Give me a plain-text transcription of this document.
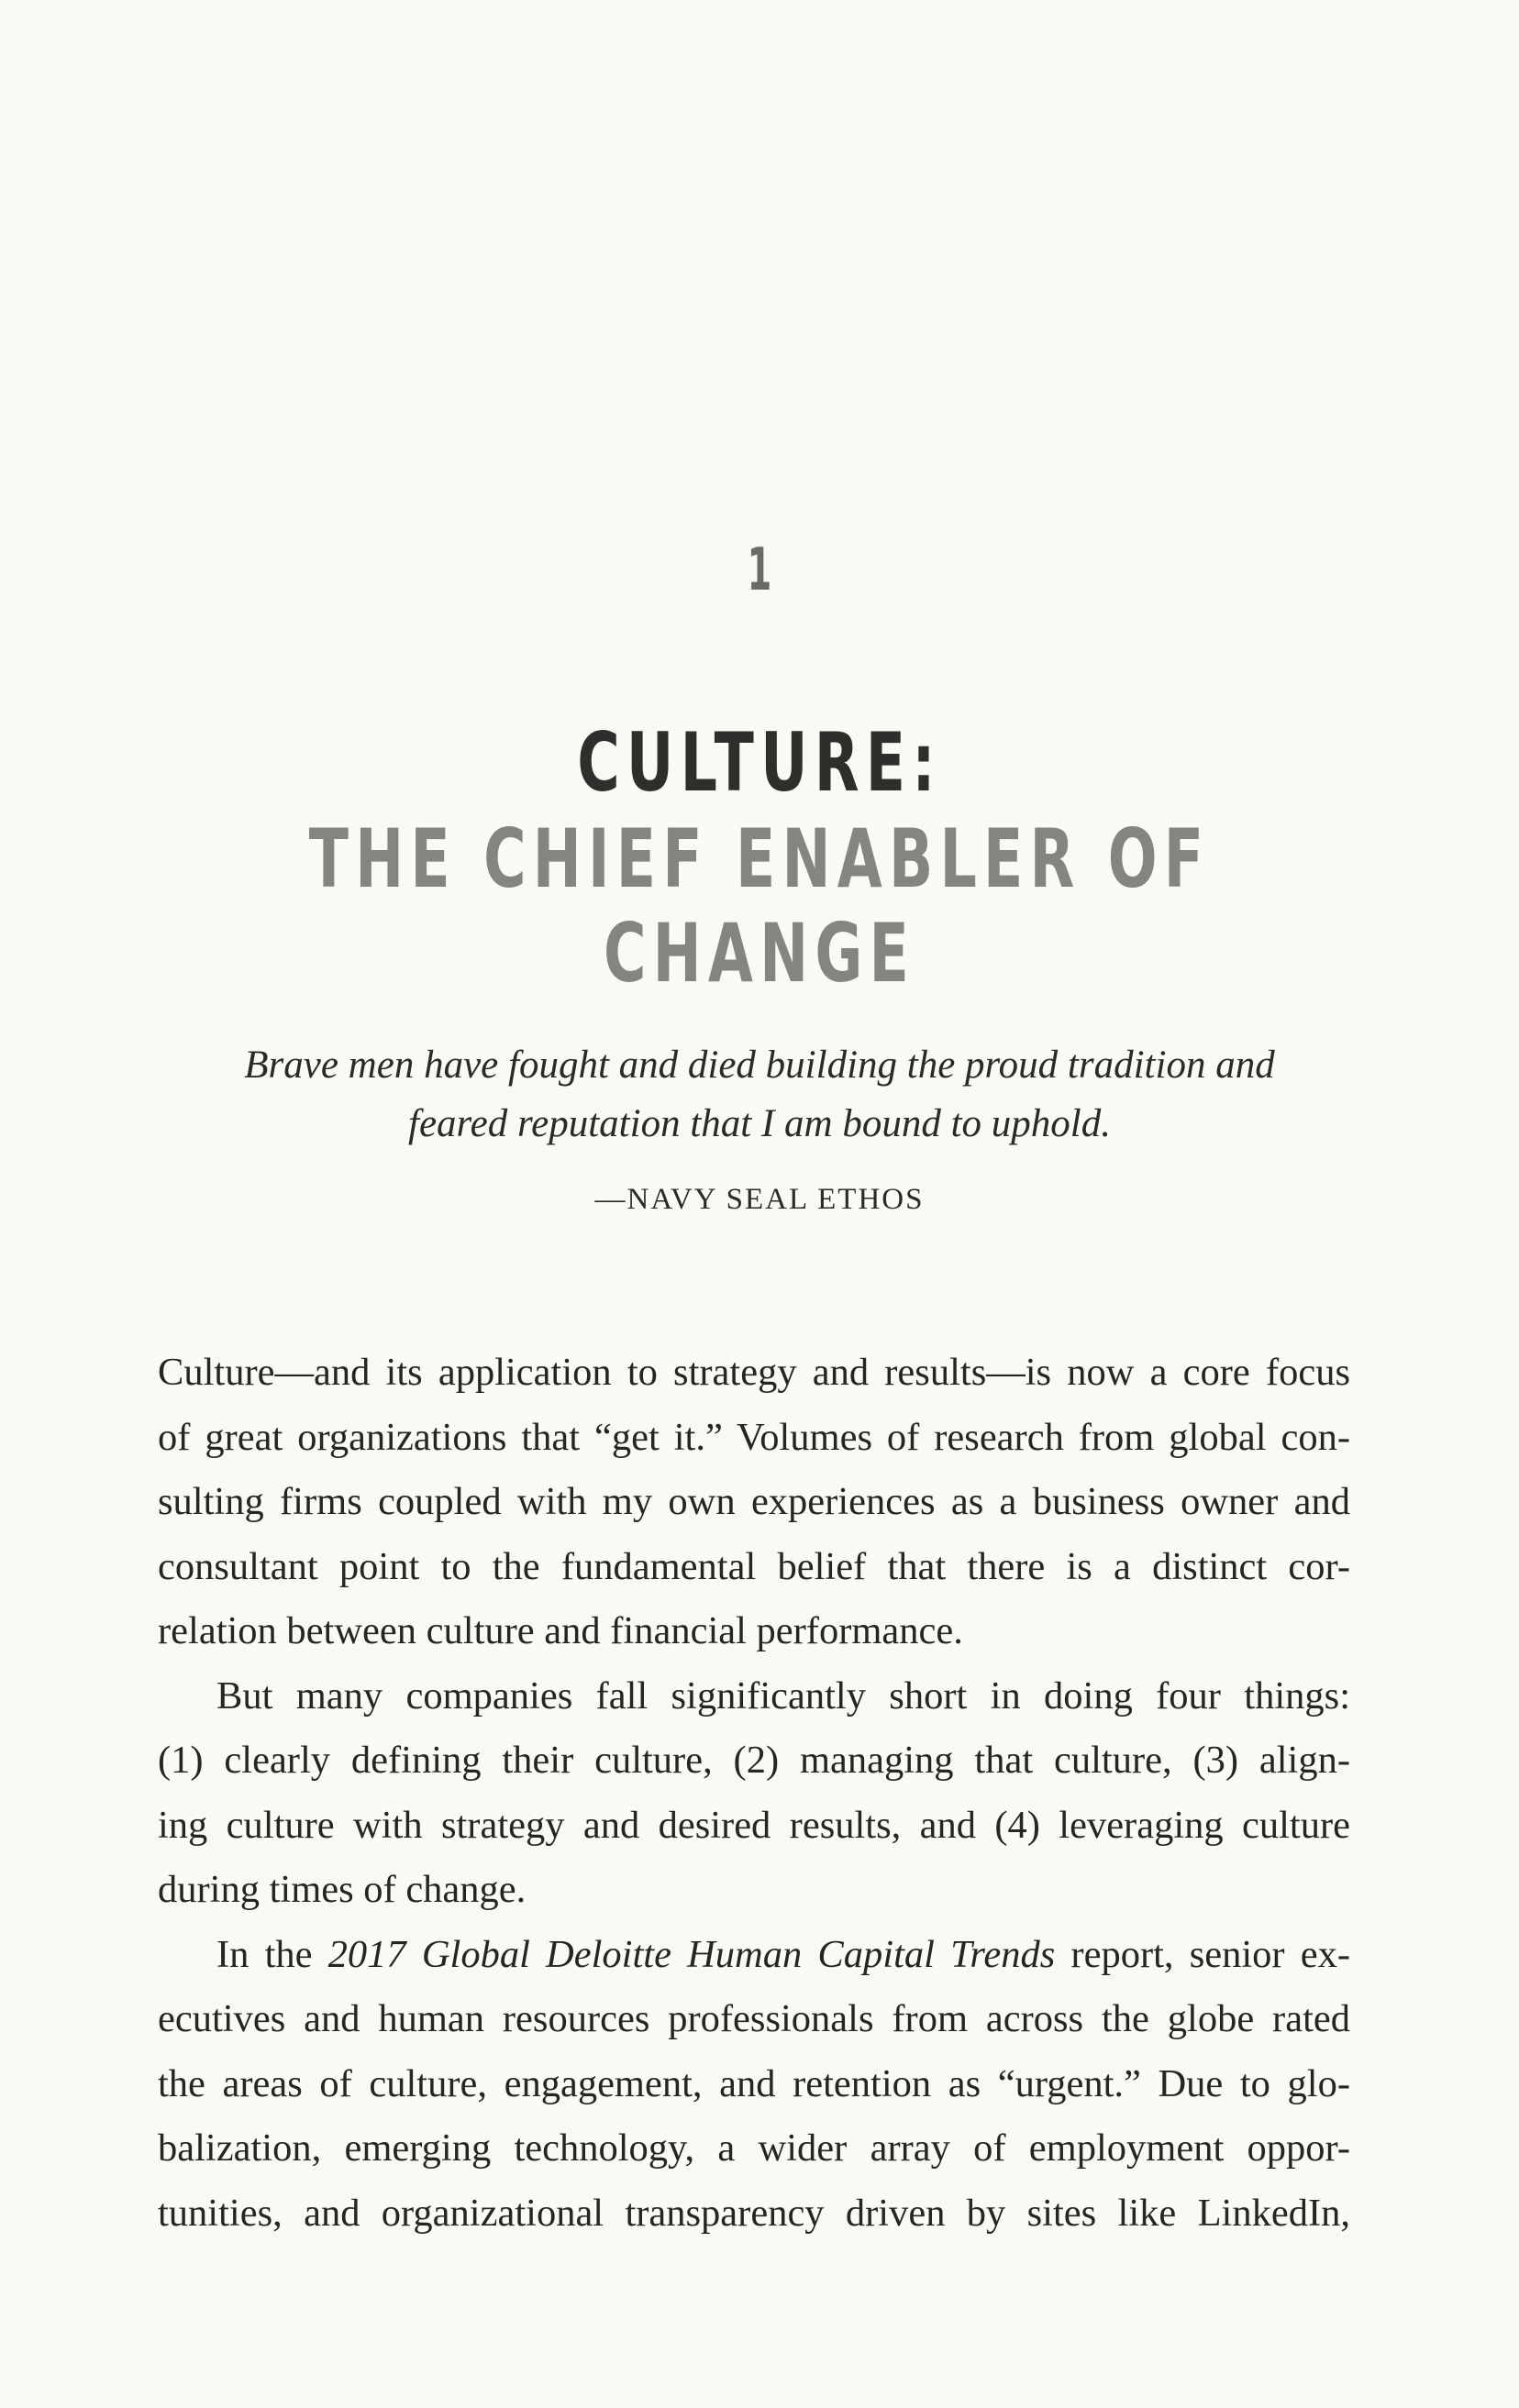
1
CULTURE:
THE CHIEF ENABLER OF CHANGE
Brave men have fought and died building the proud tradition and
feared reputation that I am bound to uphold.
—NAVY SEAL ETHOS

Culture—and its application to strategy and results—is now a core focus
of great organizations that “get it.” Volumes of research from global con-
sulting firms coupled with my own experiences as a business owner and
consultant point to the fundamental belief that there is a distinct cor-
relation between culture and financial performance.

But many companies fall significantly short in doing four things:
(1) clearly defining their culture, (2) managing that culture, (3) align-
ing culture with strategy and desired results, and (4) leveraging culture
during times of change.

In the 2017 Global Deloitte Human Capital Trends report, senior ex-
ecutives and human resources professionals from across the globe rated
the areas of culture, engagement, and retention as “urgent.” Due to glo-
balization, emerging technology, a wider array of employment oppor-
tunities, and organizational transparency driven by sites like LinkedIn,
